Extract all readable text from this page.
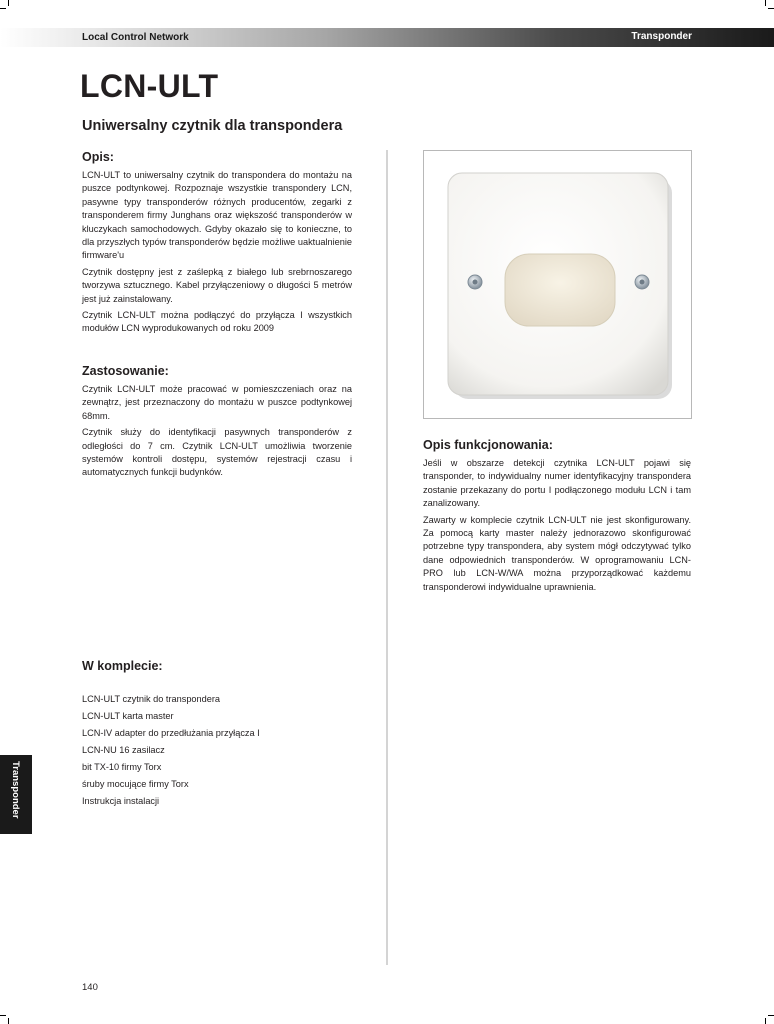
Local Control Network	Transponder
LCN-ULT
Uniwersalny czytnik dla transpondera
Opis:

LCN-ULT to uniwersalny czytnik do transpondera do montażu na puszce podtynkowej. Rozpoznaje wszystkie transpondery LCN, pasywne typy transponderów różnych producentów, zegarki z transponderem firmy Junghans oraz większość transponderów w kluczykach samochodowych. Gdyby okazało się to konieczne, to dla przyszłych typów transponderów będzie możliwe uaktualnienie firmware'u

Czytnik dostępny jest z zaślepką z białego lub srebrnoszarego tworzywa sztucznego. Kabel przyłączeniowy o długości 5 metrów jest już zainstalowany.

Czytnik LCN-ULT można podłączyć do przyłącza I wszystkich modułów LCN wyprodukowanych od roku 2009

Zastosowanie:

Czytnik LCN-ULT może pracować w pomieszczeniach oraz na zewnątrz, jest przeznaczony do montażu w puszce podtynkowej 68mm.

Czytnik służy do identyfikacji pasywnych transponderów z odległości do 7 cm. Czytnik LCN-ULT umożliwia tworzenie systemów kontroli dostępu, systemów rejestracji czasu i automatycznych funkcji budynków.

W komplecie:
LCN-ULT czytnik do transpondera
LCN-ULT karta master
LCN-IV adapter do przedłużania przyłącza I
LCN-NU 16 zasilacz
bit TX-10 firmy Torx
śruby mocujące firmy Torx
Instrukcja instalacji
Opis funkcjonowania:

Jeśli w obszarze detekcji czytnika LCN-ULT pojawi się transponder, to indywidualny numer identyfikacyjny transpondera zostanie przekazany do portu I podłączonego modułu LCN i tam zanalizowany.

Zawarty w komplecie czytnik LCN-ULT nie jest skonfigurowany. Za pomocą karty master należy jednorazowo skonfigurować potrzebne typy transpondera, aby system mógł odczytywać tylko dane odpowiednich transponderów. W oprogramowaniu LCN-PRO lub LCN-W/WA można przyporządkować każdemu transponderowi indywidualne uprawnienia.

Transponder
140
